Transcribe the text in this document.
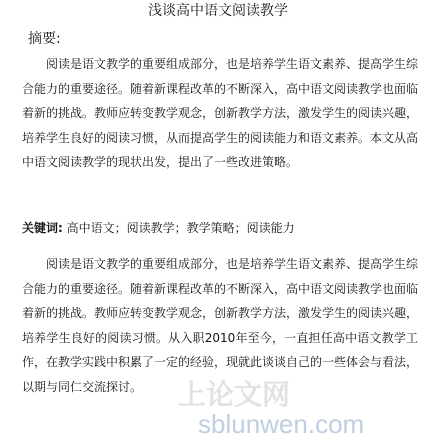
浅谈高中语文阅读教学
摘要:

阅读是语文教学的重要组成部分，也是培养学生语文素养、提高学生综合能力的重要途径。随着新课程改革的不断深入，高中语文阅读教学也面临着新的挑战。教师应转变教学观念，创新教学方法，激发学生的阅读兴趣，培养学生良好的阅读习惯，从而提高学生的阅读能力和语文素养。本文从高中语文阅读教学的现状出发，提出了一些改进策略。

关键词: 高中语文；阅读教学；教学策略；阅读能力

阅读是语文教学的重要组成部分，也是培养学生语文素养、提高学生综合能力的重要途径。随着新课程改革的不断深入，高中语文阅读教学也面临着新的挑战。教师应转变教学观念，创新教学方法，激发学生的阅读兴趣，培养学生良好的阅读习惯。从入职2010年至今，一直担任高中语文教学工作，在教学实践中积累了一定的经验，现就此谈谈自己的一些体会与看法，以期与同仁交流探讨。	上论文网
sblunwen.com
